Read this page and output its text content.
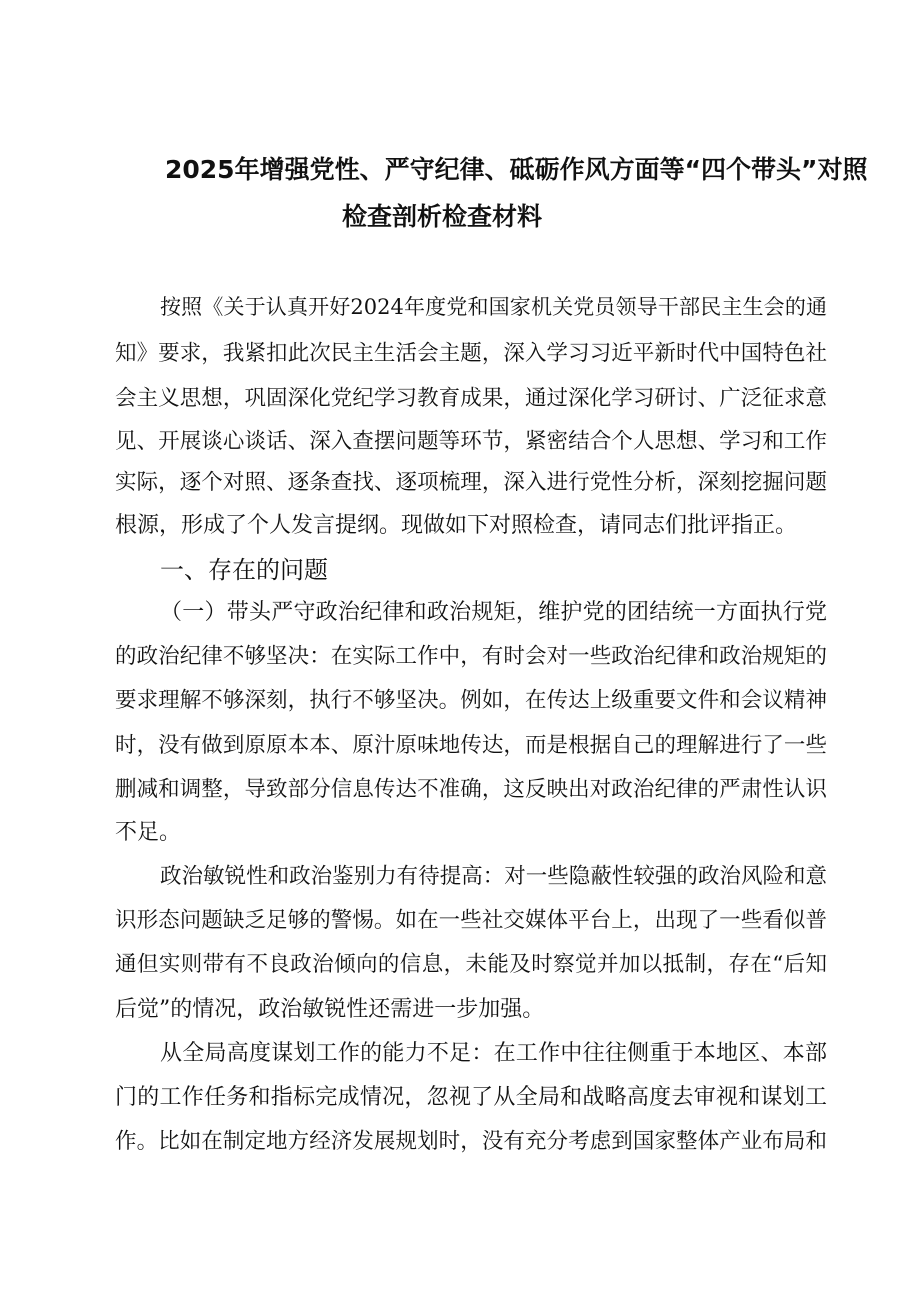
2025年增强党性、严守纪律、砥砺作风方面等“四个带头”对照
检查剖析检查材料
按照《关于认真开好2024年度党和国家机关党员领导干部民主生会的通
知》要求，我紧扣此次民主生活会主题，深入学习习近平新时代中国特色社
会主义思想，巩固深化党纪学习教育成果，通过深化学习研讨、广泛征求意
见、开展谈心谈话、深入查摆问题等环节，紧密结合个人思想、学习和工作
实际，逐个对照、逐条查找、逐项梳理，深入进行党性分析，深刻挖掘问题
根源，形成了个人发言提纲。现做如下对照检查，请同志们批评指正。
一、存在的问题
（一）带头严守政治纪律和政治规矩，维护党的团结统一方面执行党
的政治纪律不够坚决：在实际工作中，有时会对一些政治纪律和政治规矩的
要求理解不够深刻，执行不够坚决。例如，在传达上级重要文件和会议精神
时，没有做到原原本本、原汁原味地传达，而是根据自己的理解进行了一些
删减和调整，导致部分信息传达不准确，这反映出对政治纪律的严肃性认识
不足。
政治敏锐性和政治鉴别力有待提高：对一些隐蔽性较强的政治风险和意
识形态问题缺乏足够的警惕。如在一些社交媒体平台上，出现了一些看似普
通但实则带有不良政治倾向的信息，未能及时察觉并加以抵制，存在“后知
后觉”的情况，政治敏锐性还需进一步加强。
从全局高度谋划工作的能力不足：在工作中往往侧重于本地区、本部
门的工作任务和指标完成情况，忽视了从全局和战略高度去审视和谋划工
作。比如在制定地方经济发展规划时，没有充分考虑到国家整体产业布局和
